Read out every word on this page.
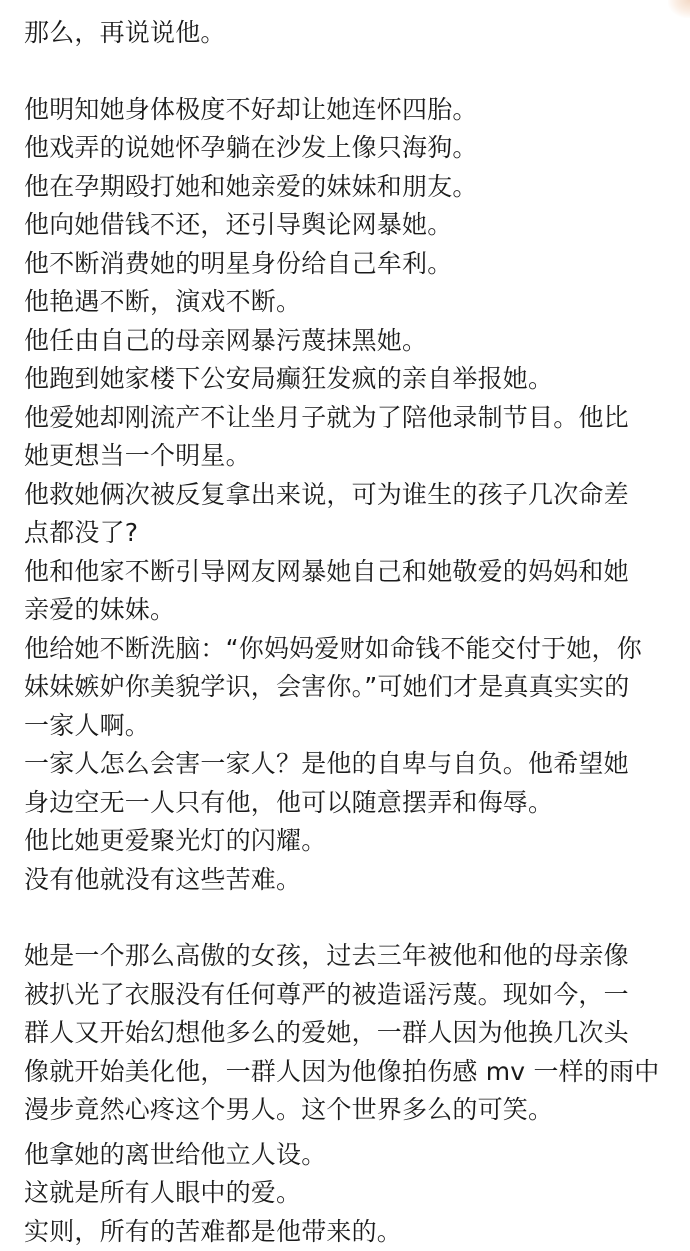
那么，再说说他。

他明知她身体极度不好却让她连怀四胎。
他戏弄的说她怀孕躺在沙发上像只海狗。
他在孕期殴打她和她亲爱的妹妹和朋友。
他向她借钱不还，还引导舆论网暴她。
他不断消费她的明星身份给自己牟利。
他艳遇不断，演戏不断。
他任由自己的母亲网暴污蔑抹黑她。
他跑到她家楼下公安局癫狂发疯的亲自举报她。
他爱她却刚流产不让坐月子就为了陪他录制节目。他比
她更想当一个明星。
他救她俩次被反复拿出来说，可为谁生的孩子几次命差
点都没了?
他和他家不断引导网友网暴她自己和她敬爱的妈妈和她
亲爱的妹妹。
他给她不断洗脑：“你妈妈爱财如命钱不能交付于她，你
妹妹嫉妒你美貌学识，会害你。”可她们才是真真实实的
一家人啊。
一家人怎么会害一家人？是他的自卑与自负。他希望她
身边空无一人只有他，他可以随意摆弄和侮辱。
他比她更爱聚光灯的闪耀。
没有他就没有这些苦难。

她是一个那么高傲的女孩，过去三年被他和他的母亲像
被扒光了衣服没有任何尊严的被造谣污蔑。现如今，一
群人又开始幻想他多么的爱她，一群人因为他换几次头
像就开始美化他，一群人因为他像拍伤感 mv 一样的雨中
漫步竟然心疼这个男人。这个世界多么的可笑。

他拿她的离世给他立人设。
这就是所有人眼中的爱。
实则，所有的苦难都是他带来的。
